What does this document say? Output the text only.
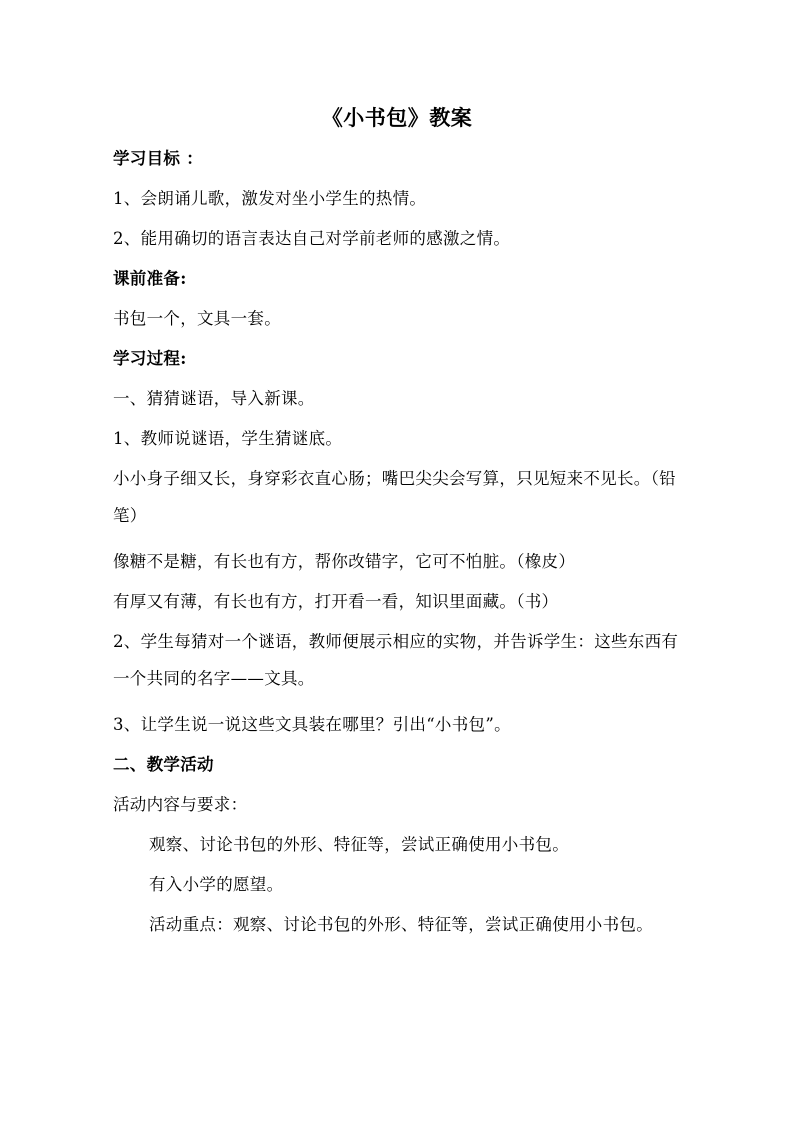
《小书包》教案
学习目标 ：
1、会朗诵儿歌，激发对坐小学生的热情。
2、能用确切的语言表达自己对学前老师的感激之情。
课前准备:
书包一个，文具一套。
学习过程:
一、猜猜谜语，导入新课。
1、教师说谜语，学生猜谜底。
小小身子细又长，身穿彩衣直心肠；嘴巴尖尖会写算，只见短来不见长。（铅笔）
像糖不是糖，有长也有方，帮你改错字，它可不怕脏。（橡皮）
有厚又有薄，有长也有方，打开看一看，知识里面藏。（书）
2、学生每猜对一个谜语，教师便展示相应的实物，并告诉学生：这些东西有一个共同的名字——文具。
3、让学生说一说这些文具装在哪里？引出“小书包”。
二、教学活动
活动内容与要求：
观察、讨论书包的外形、特征等，尝试正确使用小书包。
有入小学的愿望。
活动重点：观察、讨论书包的外形、特征等，尝试正确使用小书包。
